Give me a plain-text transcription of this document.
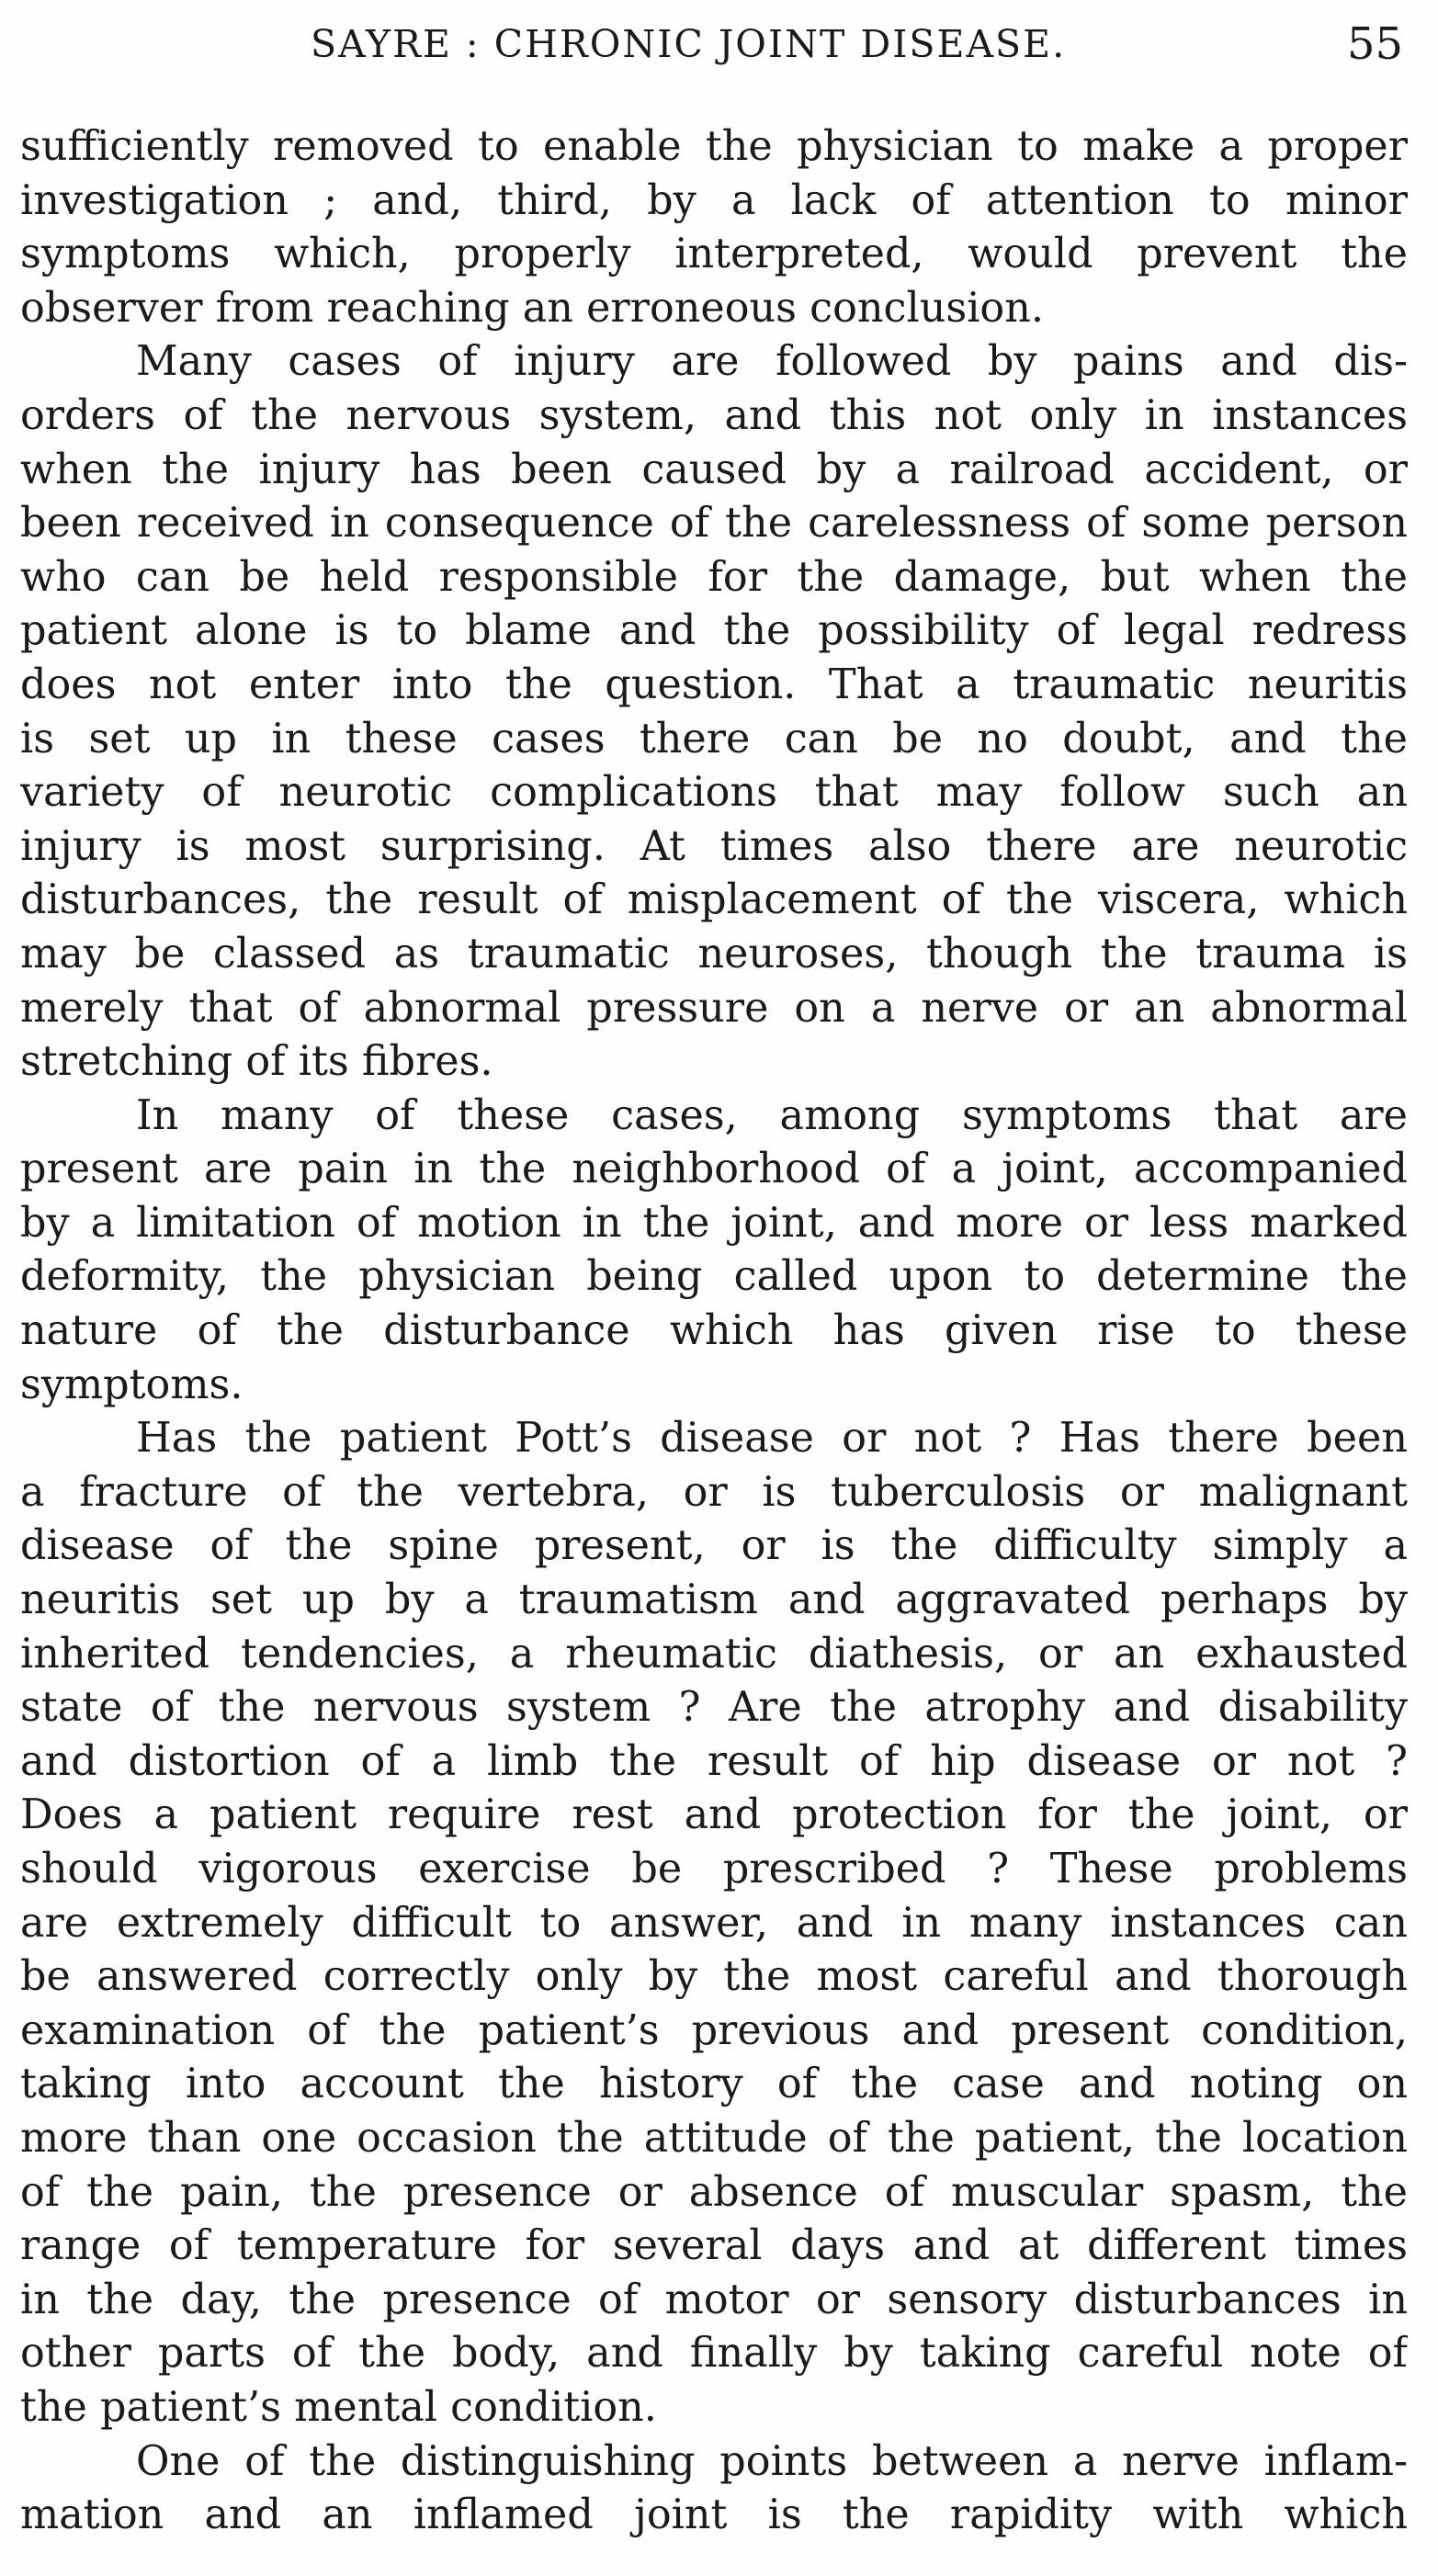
SAYRE : CHRONIC JOINT DISEASE.	55
sufficiently removed to enable the physician to make a proper
investigation ; and, third, by a lack of attention to minor
symptoms which, properly interpreted, would prevent the
observer from reaching an erroneous conclusion.
Many cases of injury are followed by pains and dis-
orders of the nervous system, and this not only in instances
when the injury has been caused by a railroad accident, or
been received in consequence of the carelessness of some person
who can be held responsible for the damage, but when the
patient alone is to blame and the possibility of legal redress
does not enter into the question. That a traumatic neuritis
is set up in these cases there can be no doubt, and the
variety of neurotic complications that may follow such an
injury is most surprising. At times also there are neurotic
disturbances, the result of misplacement of the viscera, which
may be classed as traumatic neuroses, though the trauma is
merely that of abnormal pressure on a nerve or an abnormal
stretching of its fibres.
In many of these cases, among symptoms that are
present are pain in the neighborhood of a joint, accompanied
by a limitation of motion in the joint, and more or less marked
deformity, the physician being called upon to determine the
nature of the disturbance which has given rise to these
symptoms.
Has the patient Pott’s disease or not ? Has there been
a fracture of the vertebra, or is tuberculosis or malignant
disease of the spine present, or is the difficulty simply a
neuritis set up by a traumatism and aggravated perhaps by
inherited tendencies, a rheumatic diathesis, or an exhausted
state of the nervous system ? Are the atrophy and disability
and distortion of a limb the result of hip disease or not ?
Does a patient require rest and protection for the joint, or
should vigorous exercise be prescribed ? These problems
are extremely difficult to answer, and in many instances can
be answered correctly only by the most careful and thorough
examination of the patient’s previous and present condition,
taking into account the history of the case and noting on
more than one occasion the attitude of the patient, the location
of the pain, the presence or absence of muscular spasm, the
range of temperature for several days and at different times
in the day, the presence of motor or sensory disturbances in
other parts of the body, and finally by taking careful note of
the patient’s mental condition.
One of the distinguishing points between a nerve inflam-
mation and an inflamed joint is the rapidity with which
